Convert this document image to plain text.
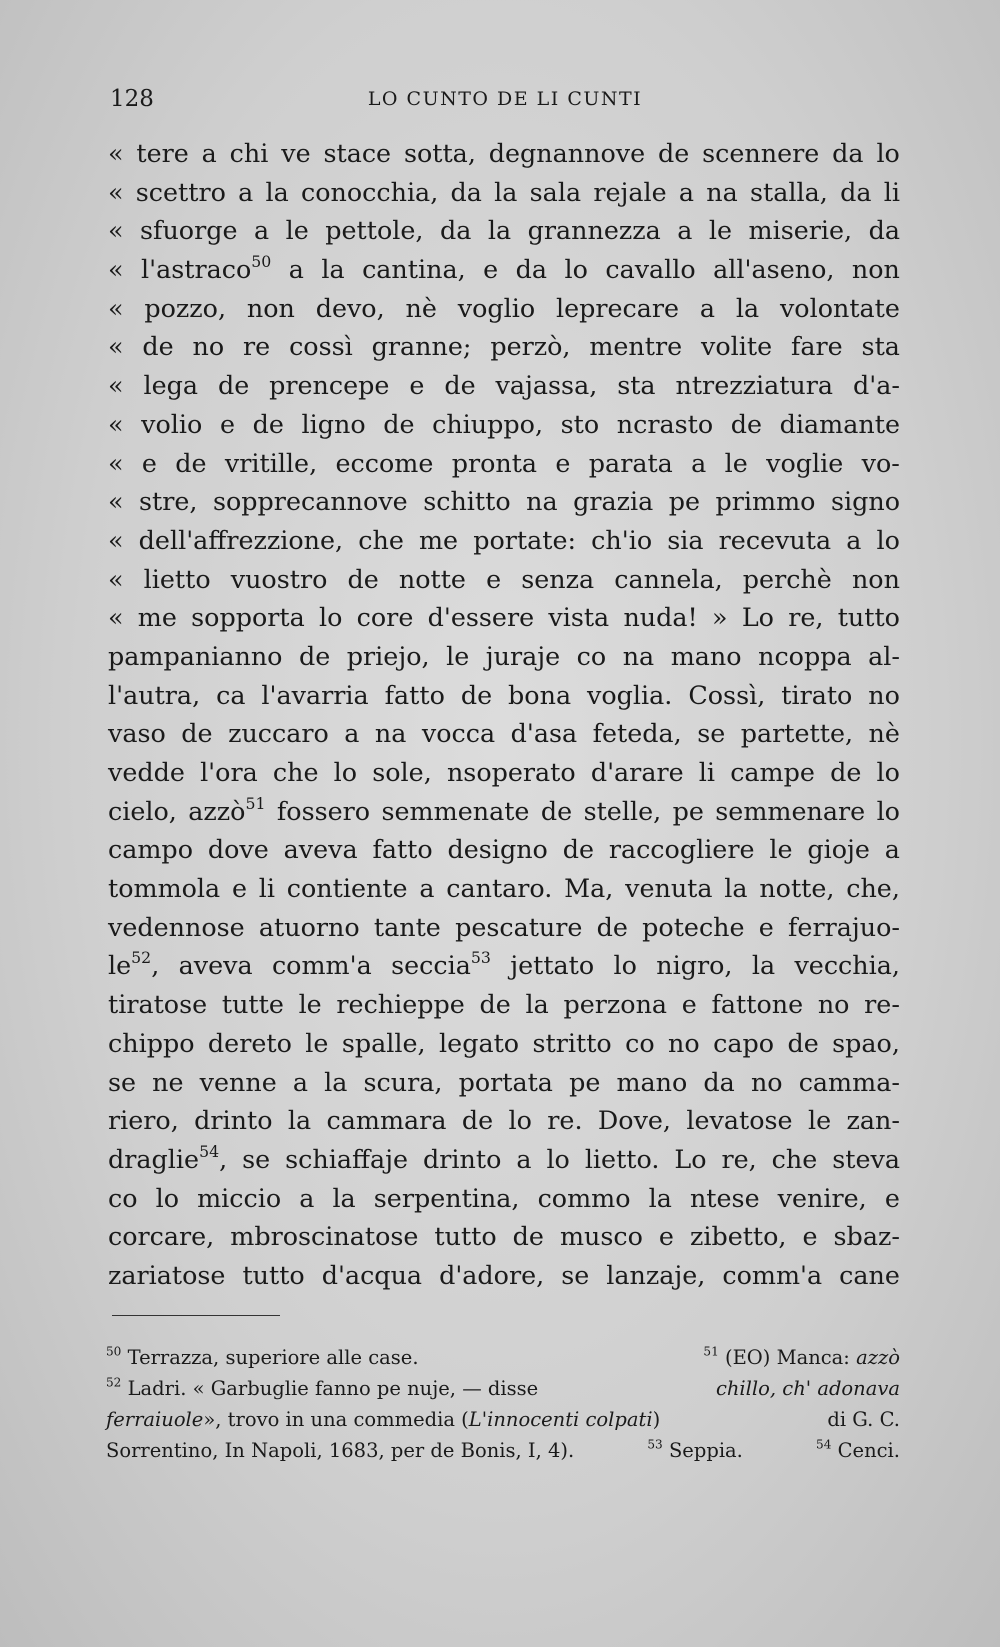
128	LO CUNTO DE LI CUNTI
« tere a chi ve stace sotta, degnannove de scennere da lo
« scettro a la conocchia, da la sala rejale a na stalla, da li
« sfuorge a le pettole, da la grannezza a le miserie, da
« l'astraco$^{50}$ a la cantina, e da lo cavallo all'aseno, non
« pozzo, non devo, nè voglio leprecare a la volontate
« de no re cossì granne; perzò, mentre volite fare sta
« lega de prencepe e de vajassa, sta ntrezziatura d'a-
« volio e de ligno de chiuppo, sto ncrasto de diamante
« e de vritille, eccome pronta e parata a le voglie vo-
« stre, sopprecannove schitto na grazia pe primmo signo
« dell'affrezzione, che me portate: ch'io sia recevuta a lo
« lietto vuostro de notte e senza cannela, perchè non
« me sopporta lo core d'essere vista nuda! » Lo re, tutto
pampanianno de priejo, le juraje co na mano ncoppa al-
l'autra, ca l'avarria fatto de bona voglia. Cossì, tirato no
vaso de zuccaro a na vocca d'asa feteda, se partette, nè
vedde l'ora che lo sole, nsoperato d'arare li campe de lo
cielo, azzò$^{51}$ fossero semmenate de stelle, pe semmenare lo
campo dove aveva fatto designo de raccogliere le gioje a
tommola e li contiente a cantaro. Ma, venuta la notte, che,
vedennose atuorno tante pescature de poteche e ferrajuo-
$le^{52}$, aveva comm'a seccia$^{53}$ jettato lo nigro, la vecchia,
tiratose tutte le rechieppe de la perzona e fattone no re-
chippo dereto le spalle, legato stritto co no capo de spao,
se ne venne a la scura, portata pe mano da no camma-
riero, drinto la cammara de lo re. Dove, levatose le zan-
draglie$^{54}$, se schiaffaje drinto a lo lietto. Lo re, che steva
co lo miccio a la serpentina, commo la ntese venire, e
corcare, mbroscinatose tutto de musco e zibetto, e sbaz-
zariatose tutto d'acqua d'adore, se lanzaje, comm'a cane
$^{50}$ Terrazza, superiore alle case.	$^{51}$ (EO) Manca: azzò
$^{52}$ Ladri. « Garbuglie fanno pe nuje, — disse	chillo, ch' adonava
ferraiuole», trovo in una commedia (L'innocenti colpati)	di G. C.
Sorrentino, In Napoli, 1683, per de Bonis, I, 4).	$^{53}$ Seppia.	$^{54}$ Cenci.
